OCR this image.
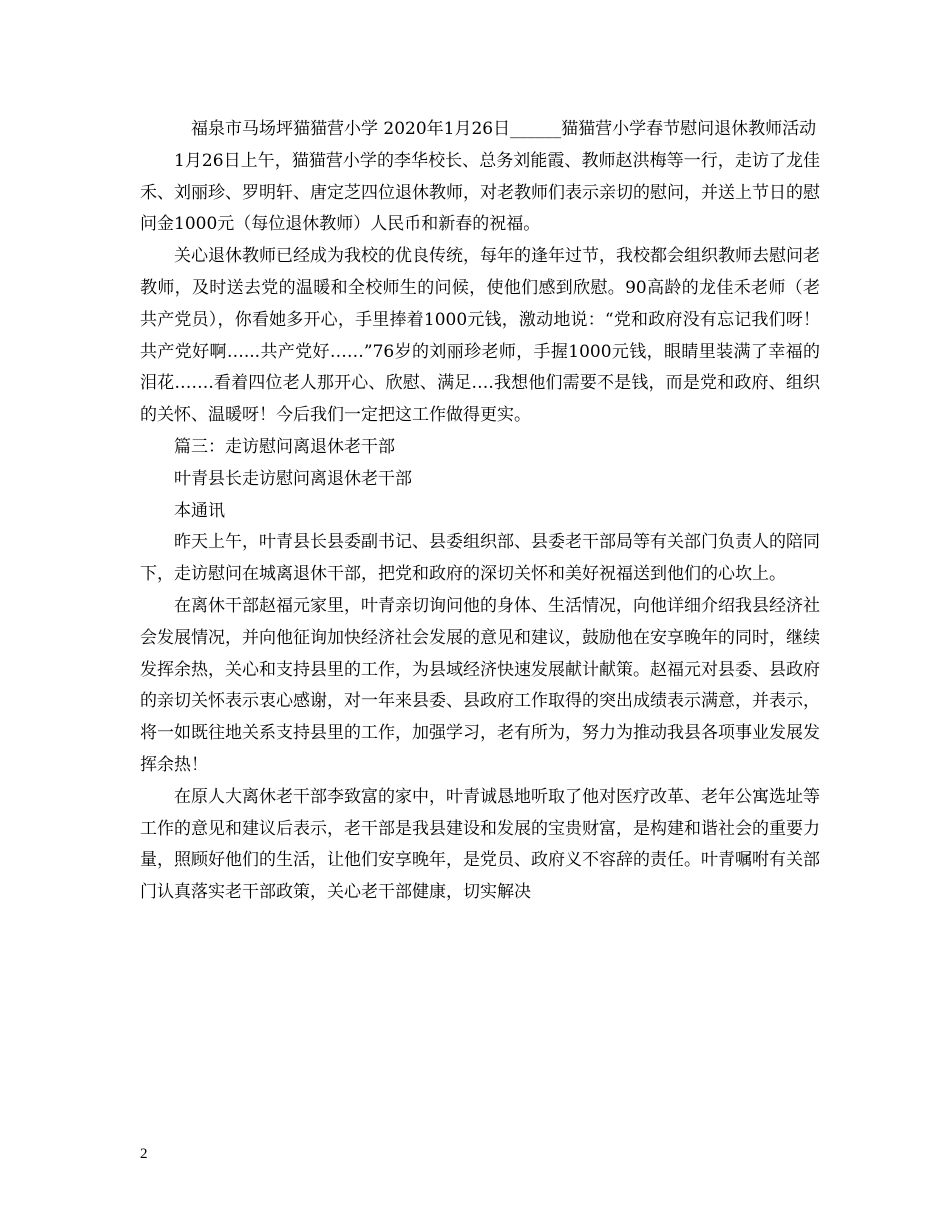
福泉市马场坪猫猫营小学 2020年1月26日______猫猫营小学春节慰问退休教师活动

1月26日上午，猫猫营小学的李华校长、总务刘能霞、教师赵洪梅等一行，走访了龙佳禾、刘丽珍、罗明轩、唐定芝四位退休教师，对老教师们表示亲切的慰问，并送上节日的慰问金1000元（每位退休教师）人民币和新春的祝福。

关心退休教师已经成为我校的优良传统，每年的逢年过节，我校都会组织教师去慰问老教师，及时送去党的温暖和全校师生的问候，使他们感到欣慰。90高龄的龙佳禾老师（老共产党员），你看她多开心，手里捧着1000元钱，激动地说：“党和政府没有忘记我们呀！共产党好啊…...共产党好……”76岁的刘丽珍老师，手握1000元钱，眼睛里装满了幸福的泪花…….看着四位老人那开心、欣慰、满足….我想他们需要不是钱，而是党和政府、组织的关怀、温暖呀！今后我们一定把这工作做得更实。

篇三：走访慰问离退休老干部

叶青县长走访慰问离退休老干部

本通讯

昨天上午，叶青县长县委副书记、县委组织部、县委老干部局等有关部门负责人的陪同下，走访慰问在城离退休干部，把党和政府的深切关怀和美好祝福送到他们的心坎上。

在离休干部赵福元家里，叶青亲切询问他的身体、生活情况，向他详细介绍我县经济社会发展情况，并向他征询加快经济社会发展的意见和建议，鼓励他在安享晚年的同时，继续发挥余热，关心和支持县里的工作，为县域经济快速发展献计献策。赵福元对县委、县政府的亲切关怀表示衷心感谢，对一年来县委、县政府工作取得的突出成绩表示满意，并表示，将一如既往地关系支持县里的工作，加强学习，老有所为，努力为推动我县各项事业发展发挥余热！

在原人大离休老干部李致富的家中，叶青诚恳地听取了他对医疗改革、老年公寓选址等工作的意见和建议后表示，老干部是我县建设和发展的宝贵财富，是构建和谐社会的重要力量，照顾好他们的生活，让他们安享晚年，是党员、政府义不容辞的责任。叶青嘱咐有关部门认真落实老干部政策，关心老干部健康，切实解决

2
